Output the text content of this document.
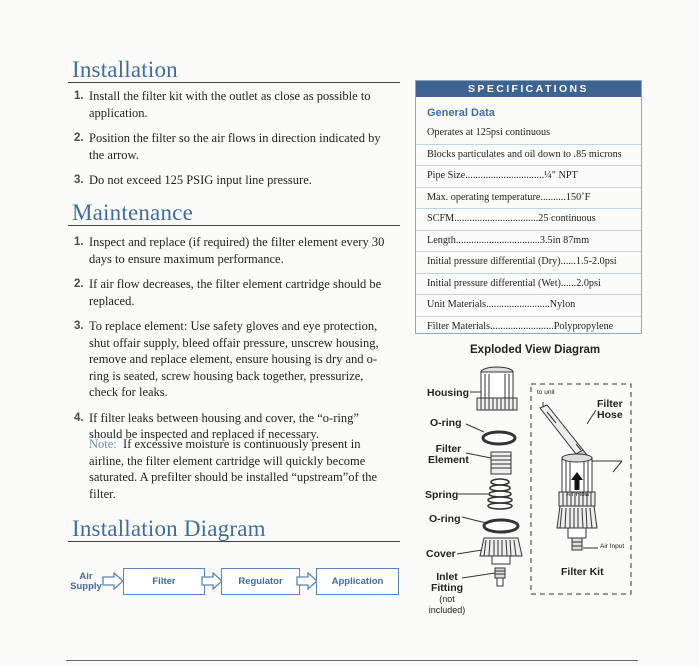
Installation
1. Install the filter kit with the outlet as close as possible to application.
2. Position the filter so the air flows in direction indicated by the arrow.
3. Do not exceed 125 PSIG input line pressure.
Maintenance
1. Inspect and replace (if required) the filter element every 30 days to ensure maximum performance.
2. If air flow decreases, the filter element cartridge should be replaced.
3. To replace element: Use safety gloves and eye protection, shut offair supply, bleed offair pressure, unscrew housing, remove and replace element, ensure housing is dry and o-ring is seated, screw housing back together, pressurize, check for leaks.
4. If filter leaks between housing and cover, the “o-ring” should be inspected and replaced if necessary.
Note: If excessive moisture is continuously present in airline, the filter element cartridge will quickly become saturated. A prefilter should be installed “upstream”of the filter.
Installation Diagram
Air
Supply	Filter	Regulator	Application
SPECIFICATIONS
General Data
Operates at 125psi continuous
Blocks particulates and oil down to .85 microns
Pipe Size...............................¼" NPT
Max. operating temperature..........150˚F
SCFM.................................25 continuous
Length.................................3.5in 87mm
Initial pressure differential (Dry)......1.5-2.0psi
Initial pressure differential (Wet)......2.0psi
Unit Materials.........................Nylon
Filter Materials.........................Polypropylene
Exploded View Diagram
Housing
O-ring
Filter
Element
Spring
O-ring
Cover
Inlet
Fitting
(not included)
to unit
Filter
Hose
Air Flow
Air Input
Filter Kit
